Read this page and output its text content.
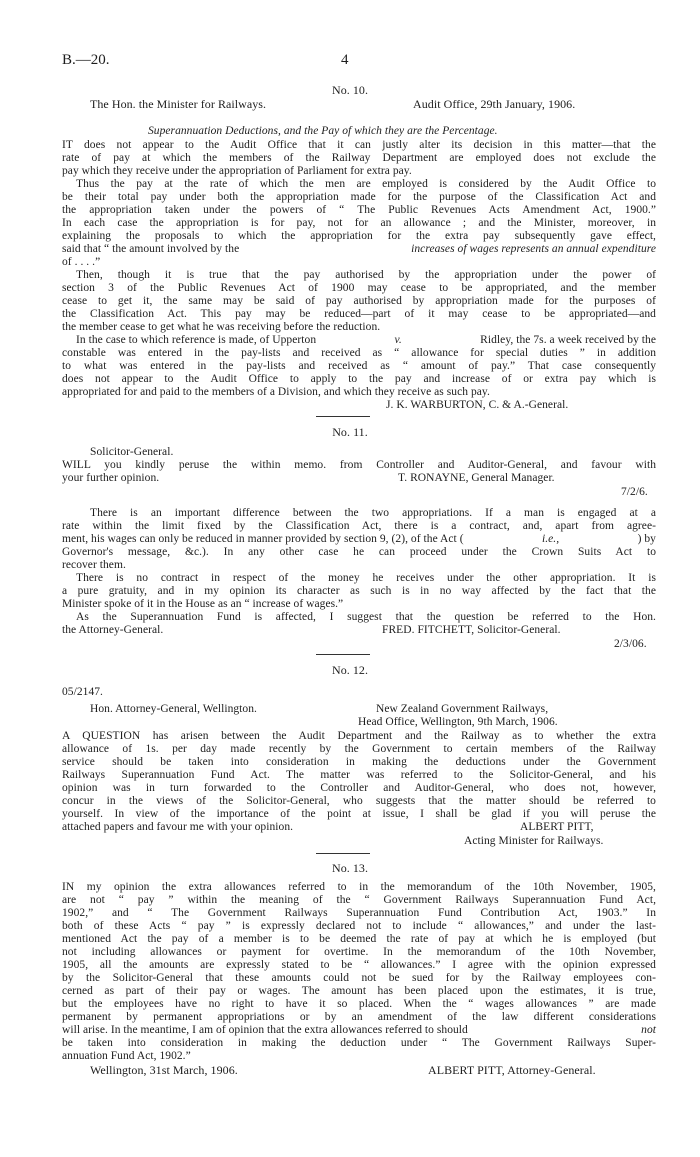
B.—20.	4
No. 10.
The Hon. the Minister for Railways.	Audit Office, 29th January, 1906.
Superannuation Deductions, and the Pay of which they are the Percentage.
IT does not appear to the Audit Office that it can justly alter its decision in this matter—that the
rate of pay at which the members of the Railway Department are employed does not exclude the
pay which they receive under the appropriation of Parliament for extra pay.
Thus the pay at the rate of which the men are employed is considered by the Audit Office to
be their total pay under both the appropriation made for the purpose of the Classification Act and
the appropriation taken under the powers of “ The Public Revenues Acts Amendment Act, 1900.”
In each case the appropriation is for pay, not for an allowance ; and the Minister, moreover, in
explaining the proposals to which the appropriation for the extra pay subsequently gave effect,
said that “ the amount involved by the	increases of wages represents an annual expenditure
of . . . .”
Then, though it is true that the pay authorised by the appropriation under the power of
section 3 of the Public Revenues Act of 1900 may cease to be appropriated, and the member
cease to get it, the same may be said of pay authorised by appropriation made for the purposes of
the Classification Act. This pay may be reduced—part of it may cease to be appropriated—and
the member cease to get what he was receiving before the reduction.
In the case to which reference is made, of Upperton	v.	Ridley, the 7s. a week received by the
constable was entered in the pay-lists and received as “ allowance for special duties ” in addition
to what was entered in the pay-lists and received as “ amount of pay.” That case consequently
does not appear to the Audit Office to apply to the pay and increase of or extra pay which is
appropriated for and paid to the members of a Division, and which they receive as such pay.
J. K. WARBURTON, C. & A.-General.
No. 11.
Solicitor-General.
WILL you kindly peruse the within memo. from Controller and Auditor-General, and favour with
your further opinion.	T. RONAYNE, General Manager.
7/2/6.
There is an important difference between the two appropriations. If a man is engaged at a
rate within the limit fixed by the Classification Act, there is a contract, and, apart from agree-
ment, his wages can only be reduced in manner provided by section 9, (2), of the Act (	i.e.,	) by
Governor's message, &c.). In any other case he can proceed under the Crown Suits Act to
recover them.
There is no contract in respect of the money he receives under the other appropriation. It is
a pure gratuity, and in my opinion its character as such is in no way affected by the fact that the
Minister spoke of it in the House as an “ increase of wages.”
As the Superannuation Fund is affected, I suggest that the question be referred to the Hon.
the Attorney-General.	FRED. FITCHETT, Solicitor-General.
2/3/06.
No. 12.
05/2147.
Hon. Attorney-General, Wellington.	New Zealand Government Railways,
Head Office, Wellington, 9th March, 1906.
A QUESTION has arisen between the Audit Department and the Railway as to whether the extra
allowance of 1s. per day made recently by the Government to certain members of the Railway
service should be taken into consideration in making the deductions under the Government
Railways Superannuation Fund Act. The matter was referred to the Solicitor-General, and his
opinion was in turn forwarded to the Controller and Auditor-General, who does not, however,
concur in the views of the Solicitor-General, who suggests that the matter should be referred to
yourself. In view of the importance of the point at issue, I shall be glad if you will peruse the
attached papers and favour me with your opinion.	ALBERT PITT,
Acting Minister for Railways.
No. 13.
IN my opinion the extra allowances referred to in the memorandum of the 10th November, 1905,
are not “ pay ” within the meaning of the “ Government Railways Superannuation Fund Act,
1902,” and “ The Government Railways Superannuation Fund Contribution Act, 1903.” In
both of these Acts “ pay ” is expressly declared not to include “ allowances,” and under the last-
mentioned Act the pay of a member is to be deemed the rate of pay at which he is employed (but
not including allowances or payment for overtime. In the memorandum of the 10th November,
1905, all the amounts are expressly stated to be “ allowances.” I agree with the opinion expressed
by the Solicitor-General that these amounts could not be sued for by the Railway employees con-
cerned as part of their pay or wages. The amount has been placed upon the estimates, it is true,
but the employees have no right to have it so placed. When the “ wages allowances ” are made
permanent by permanent appropriations or by an amendment of the law different considerations
will arise. In the meantime, I am of opinion that the extra allowances referred to should	not
be taken into consideration in making the deduction under “ The Government Railways Super-
annuation Fund Act, 1902.”
Wellington, 31st March, 1906.	ALBERT PITT, Attorney-General.
